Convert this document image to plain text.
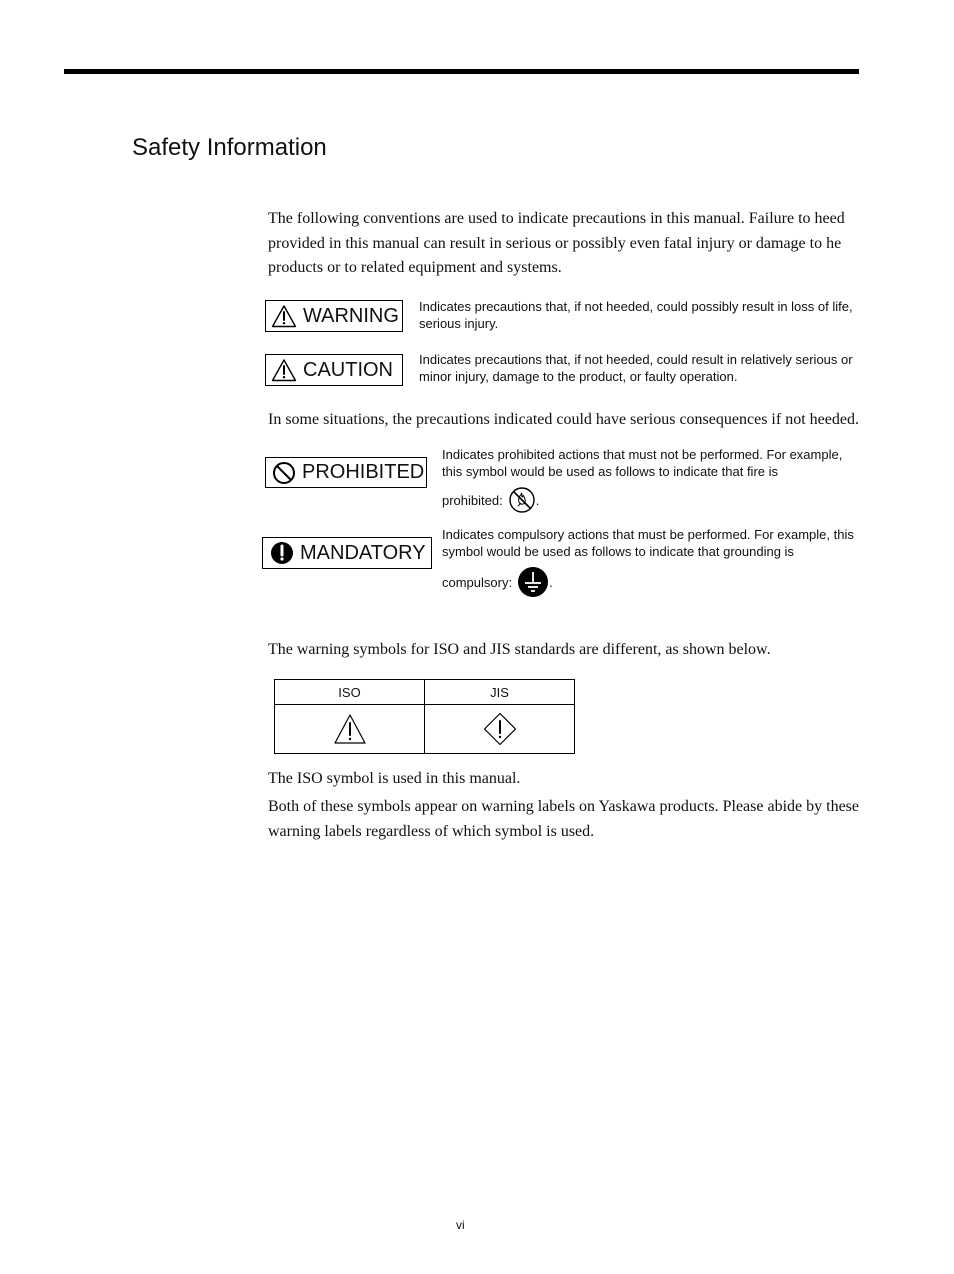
Safety Information
The following conventions are used to indicate precautions in this manual. Failure to heed provided in this manual can result in serious or possibly even fatal injury or damage to he products or to related equipment and systems.
WARNING Indicates precautions that, if not heeded, could possibly result in loss of life, serious injury.
CAUTION Indicates precautions that, if not heeded, could result in relatively serious or minor injury, damage to the product, or faulty operation.
In some situations, the precautions indicated could have serious consequences if not heeded.
PROHIBITED
Indicates prohibited actions that must not be performed. For example, this symbol would be used as follows to indicate that fire is
prohibited:	.
MANDATORY
Indicates compulsory actions that must be performed. For example, this symbol would be used as follows to indicate that grounding is
compulsory:	.
The warning symbols for ISO and JIS standards are different, as shown below.
ISO	JIS

The ISO symbol is used in this manual.
Both of these symbols appear on warning labels on Yaskawa products. Please abide by these warning labels regardless of which symbol is used.
vi
